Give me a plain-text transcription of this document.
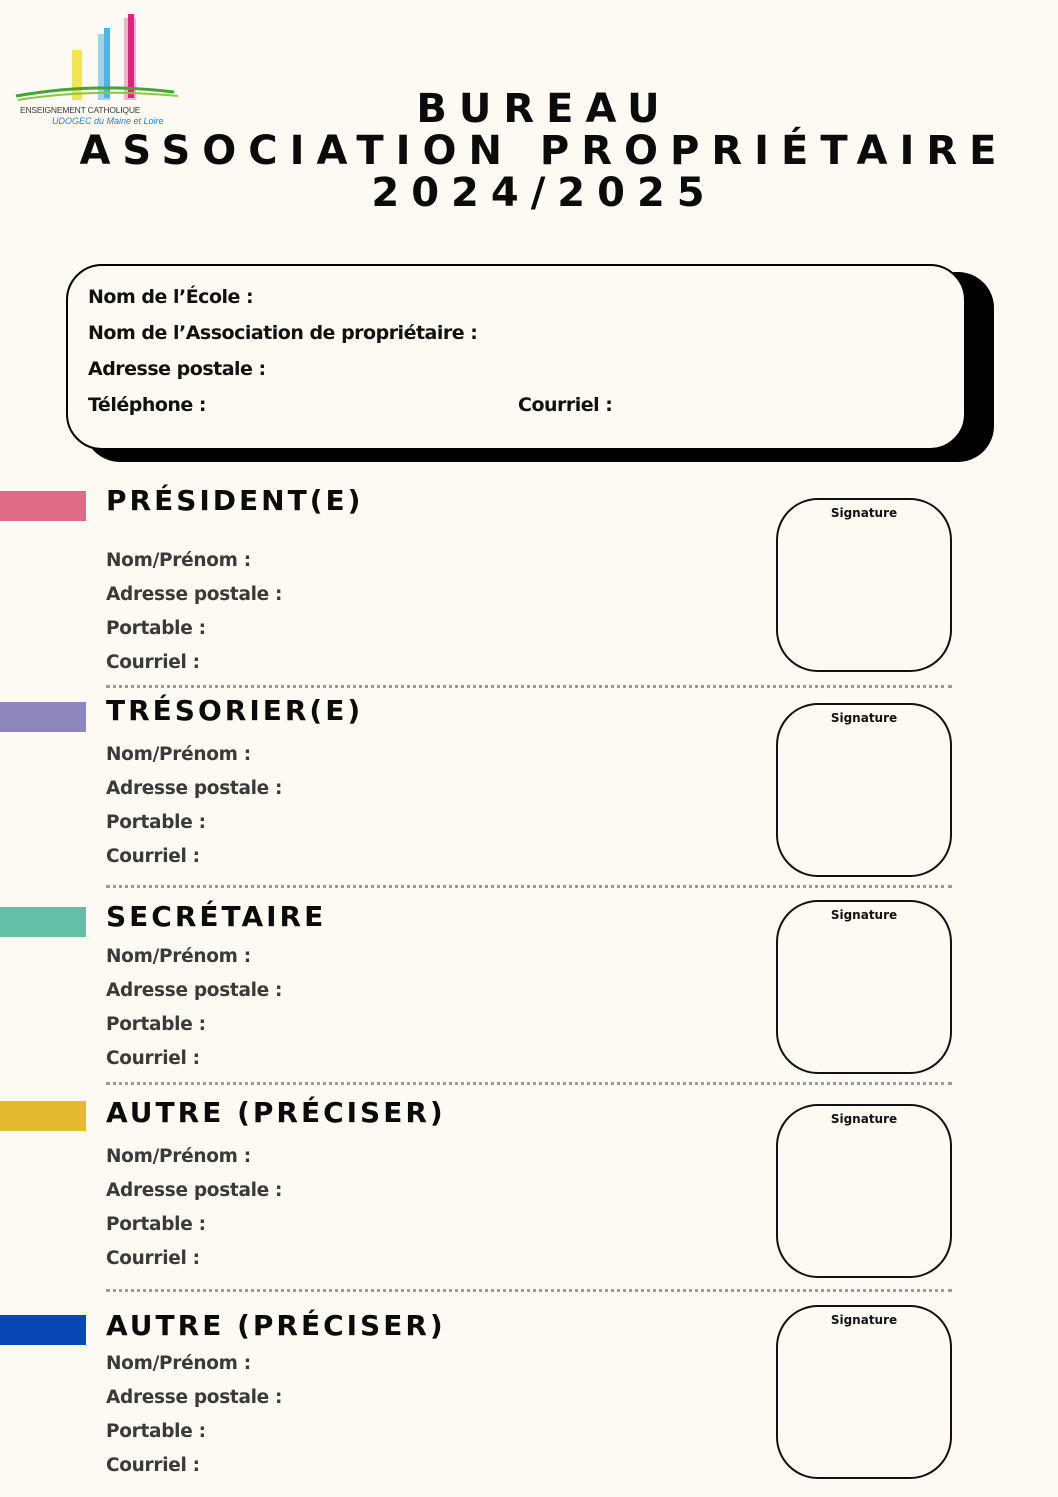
ENSEIGNEMENT CATHOLIQUE
UDOGEC du Maine et Loire	BUREAU
ASSOCIATION PROPRIÉTAIRE
2024/2025
Nom de l’École :
Nom de l’Association de propriétaire :
Adresse postale :
Téléphone :	Courriel :
PRÉSIDENT(E)
Nom/Prénom :
Adresse postale :
Portable :
Courriel :
Signature
TRÉSORIER(E)
Nom/Prénom :
Adresse postale :
Portable :
Courriel :
Signature
SECRÉTAIRE
Nom/Prénom :
Adresse postale :
Portable :
Courriel :
Signature
AUTRE (PRÉCISER)
Nom/Prénom :
Adresse postale :
Portable :
Courriel :
Signature
AUTRE (PRÉCISER)
Nom/Prénom :
Adresse postale :
Portable :
Courriel :
Signature
